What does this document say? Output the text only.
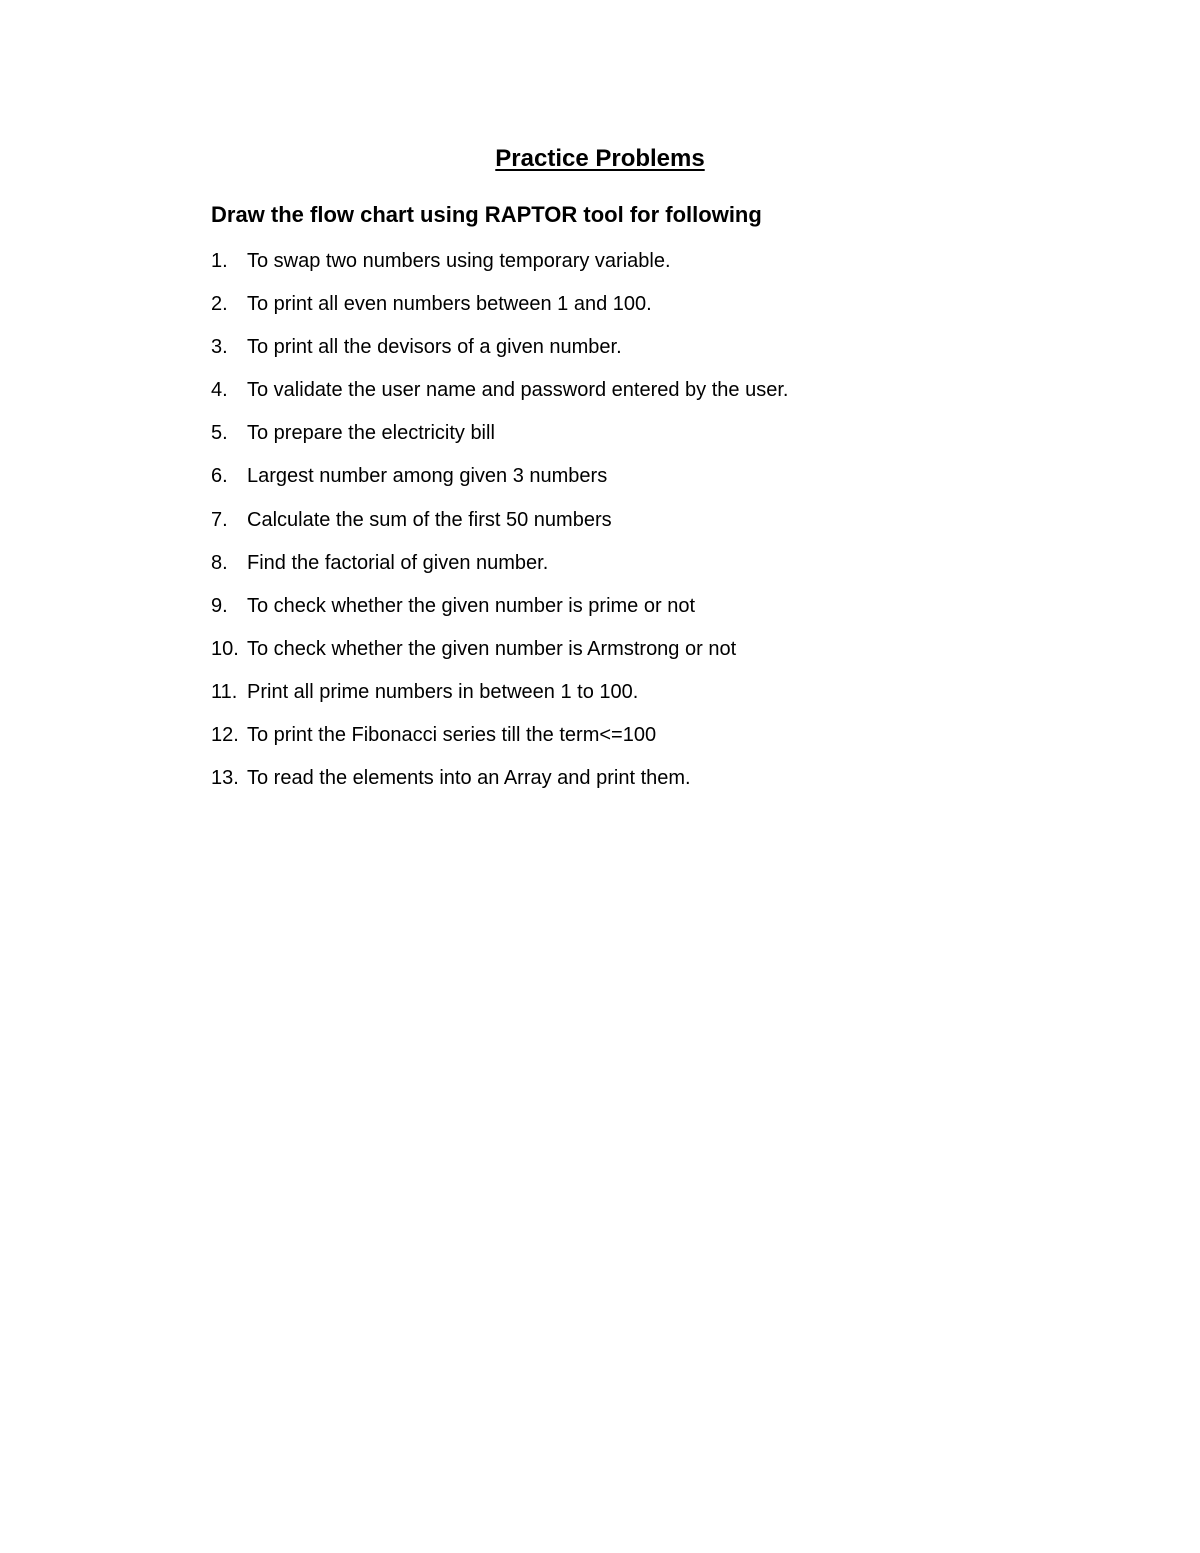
Practice Problems
Draw the flow chart using RAPTOR tool for following
1. To swap two numbers using temporary variable.
2. To print all even numbers between 1 and 100.
3. To print all the devisors of a given number.
4. To validate the user name and password entered by the user.
5. To prepare the electricity bill
6. Largest number among given 3 numbers
7. Calculate the sum of the first 50 numbers
8. Find the factorial of given number.
9. To check whether the given number is prime or not
10. To check whether the given number is Armstrong or not
11. Print all prime numbers in between 1 to 100.
12. To print the Fibonacci series till the term<=100
13. To read the elements into an Array and print them.
